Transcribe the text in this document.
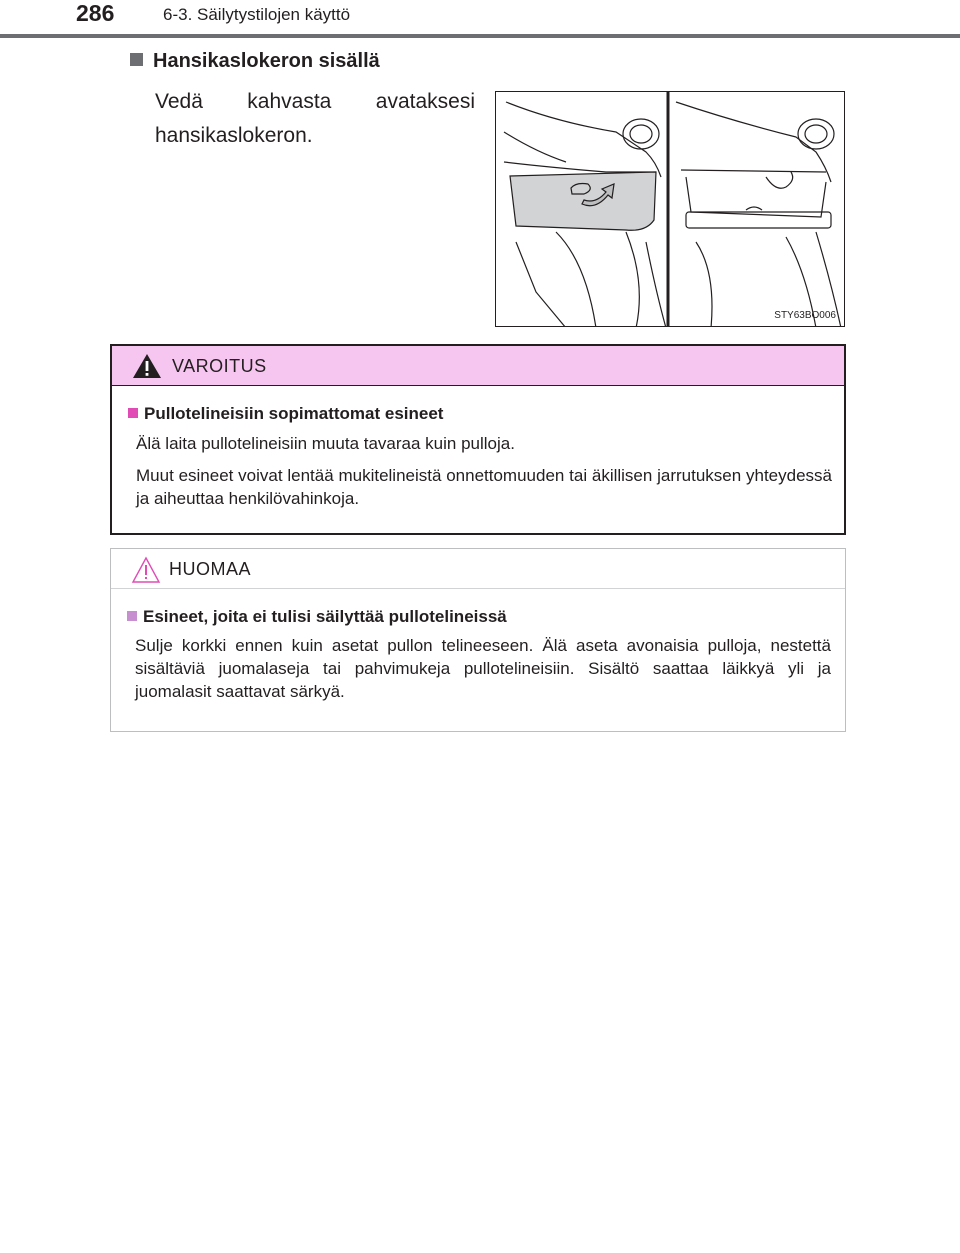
286	6-3. Säilytystilojen käyttö
Hansikaslokeron sisällä
Vedä kahvasta avataksesi hansikaslokeron.
STY63BO006
VAROITUS
Pullotelineisiin sopimattomat esineet
Älä laita pullotelineisiin muuta tavaraa kuin pulloja.
Muut esineet voivat lentää mukitelineistä onnettomuuden tai äkillisen jarrutuksen yhteydessä ja aiheuttaa henkilövahinkoja.
HUOMAA
Esineet, joita ei tulisi säilyttää pullotelineissä
Sulje korkki ennen kuin asetat pullon telineeseen. Älä aseta avonaisia pulloja, nestettä sisältäviä juomalaseja tai pahvimukeja pullotelineisiin. Sisältö saattaa läikkyä yli ja juomalasit saattavat särkyä.
